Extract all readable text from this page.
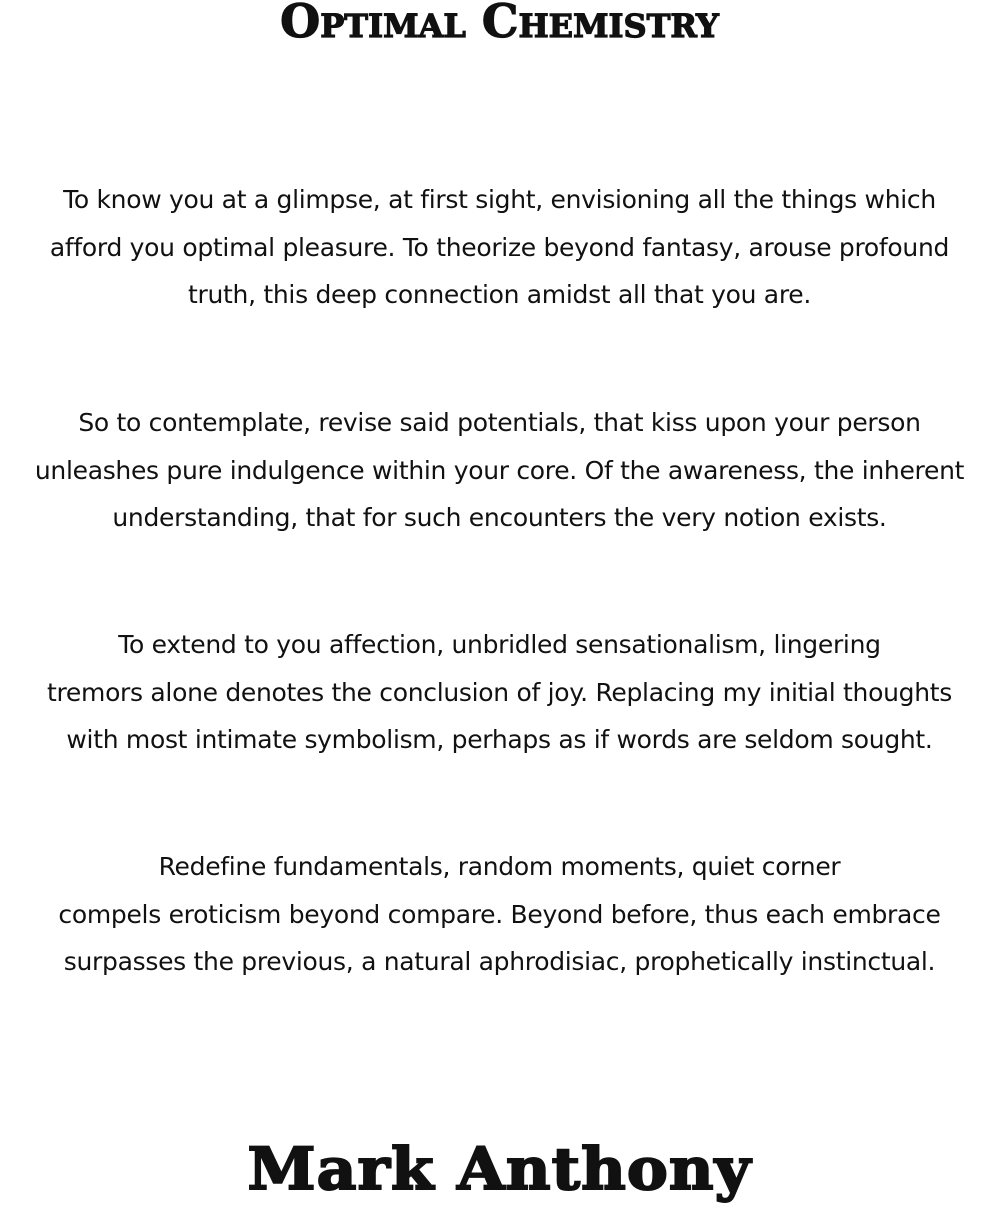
Optimal Chemistry
To know you at a glimpse, at first sight, envisioning all the things which
afford you optimal pleasure. To theorize beyond fantasy, arouse profound
truth, this deep connection amidst all that you are.
So to contemplate, revise said potentials, that kiss upon your person
unleashes pure indulgence within your core. Of the awareness, the inherent
understanding, that for such encounters the very notion exists.
To extend to you affection, unbridled sensationalism, lingering
tremors alone denotes the conclusion of joy. Replacing my initial thoughts
with most intimate symbolism, perhaps as if words are seldom sought.
Redefine fundamentals, random moments, quiet corner
compels eroticism beyond compare. Beyond before, thus each embrace
surpasses the previous, a natural aphrodisiac, prophetically instinctual.
Mark Anthony
